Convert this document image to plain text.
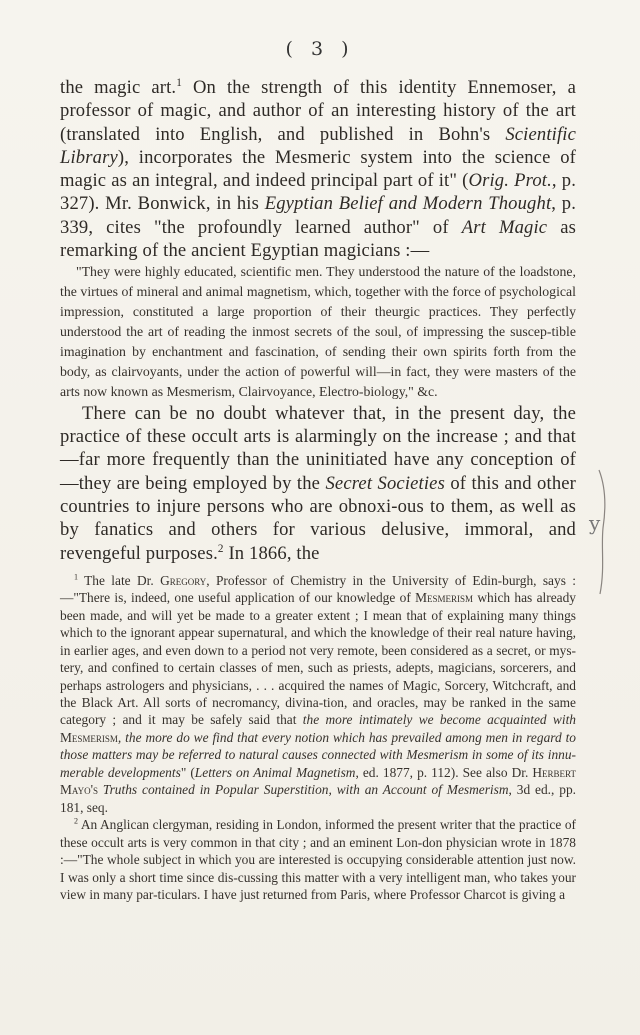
( 3 )

the magic art.$^1$ On the strength of this identity Ennemoser, a professor of magic, and author of an interesting history of the art (translated into English, and published in Bohn's Scientific Library), incorporates the Mesmeric system into the science of magic as an integral, and indeed principal part of it" (Orig. Prot., p. 327). Mr. Bonwick, in his Egyptian Belief and Modern Thought, p. 339, cites "the profoundly learned author" of Art Magic as remarking of the ancient Egyptian magicians :—

"They were highly educated, scientific men. They understood the nature of the loadstone, the virtues of mineral and animal magnetism, which, together with the force of psychological impression, constituted a large proportion of their theurgic practices. They perfectly understood the art of reading the inmost secrets of the soul, of impressing the suscep-tible imagination by enchantment and fascination, of sending their own spirits forth from the body, as clairvoyants, under the action of powerful will—in fact, they were masters of the arts now known as Mesmerism, Clairvoyance, Electro-biology," &c.

There can be no doubt whatever that, in the present day, the practice of these occult arts is alarmingly on the increase ; and that—far more frequently than the uninitiated have any conception of—they are being employed by the Secret Societies of this and other countries to injure persons who are obnoxi-ous to them, as well as by fanatics and others for various delusive, immoral, and revengeful purposes.$^2$ In 1866, the

$^1$ The late Dr. Gregory, Professor of Chemistry in the University of Edin-burgh, says :—"There is, indeed, one useful application of our knowledge of Mesmerism which has already been made, and will yet be made to a greater extent ; I mean that of explaining many things which to the ignorant appear supernatural, and which the knowledge of their real nature having, in earlier ages, and even down to a period not very remote, been considered as a secret, or mys-tery, and confined to certain classes of men, such as priests, adepts, magicians, sorcerers, and perhaps astrologers and physicians, . . . acquired the names of Magic, Sorcery, Witchcraft, and the Black Art. All sorts of necromancy, divina-tion, and oracles, may be ranked in the same category ; and it may be safely said that the more intimately we become acquainted with Mesmerism, the more do we find that every notion which has prevailed among men in regard to those matters may be referred to natural causes connected with Mesmerism in some of its innu-merable developments" (Letters on Animal Magnetism, ed. 1877, p. 112). See also Dr. Herbert Mayo's Truths contained in Popular Superstition, with an Account of Mesmerism, 3d ed., pp. 181, seq.

$^2$ An Anglican clergyman, residing in London, informed the present writer that the practice of these occult arts is very common in that city ; and an eminent Lon-don physician wrote in 1878 :—"The whole subject in which you are interested is occupying considerable attention just now. I was only a short time since dis-cussing this matter with a very intelligent man, who takes your view in many par-ticulars. I have just returned from Paris, where Professor Charcot is giving a

y
